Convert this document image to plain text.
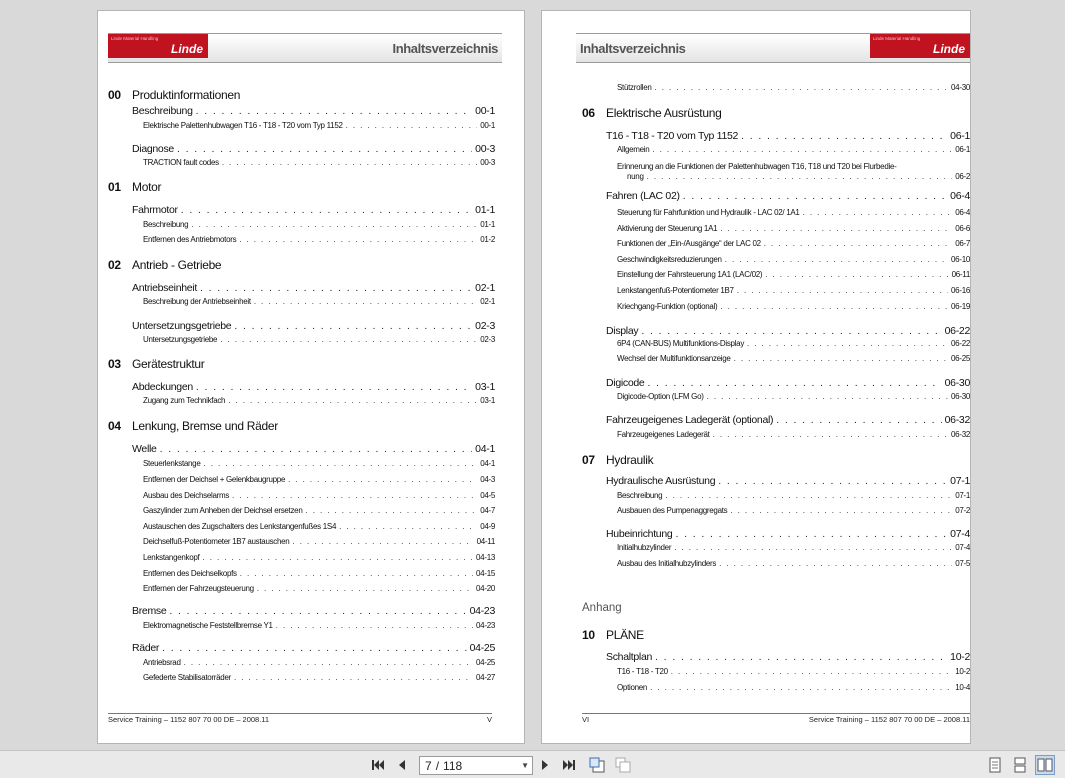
Linde Material Handling
Linde	Inhaltsverzeichnis
00 Produktinformationen
Beschreibung . . .	00-1
Elektrische Palettenhubwagen T16 - T18 - T20 vom Typ 1152 . . .	00-1
Diagnose . . .	00-3
TRACTION fault codes . . .	00-3
01 Motor
Fahrmotor . . .	01-1
Beschreibung . . .	01-1
Entfernen des Antriebmotors . . .	01-2
02 Antrieb - Getriebe
Antriebseinheit . . .	02-1
Beschreibung der Antriebseinheit . . .	02-1
Untersetzungsgetriebe . . .	02-3
Untersetzungsgetriebe . . .	02-3
03 Gerätestruktur
Abdeckungen . . .	03-1
Zugang zum Technikfach . . .	03-1
04 Lenkung, Bremse und Räder
Welle . . .	04-1
Steuerlenkstange . . .	04-1
Entfernen der Deichsel + Gelenkbaugruppe . . .	04-3
Ausbau des Deichselarms . . .	04-5
Gaszylinder zum Anheben der Deichsel ersetzen . . .	04-7
Austauschen des Zugschalters des Lenkstangenfußes 1S4 . . .	04-9
Deichselfuß-Potentiometer 1B7 austauschen . . .	04-11
Lenkstangenkopf . . .	04-13
Entfernen des Deichselkopfs . . .	04-15
Entfernen der Fahrzeugsteuerung . . .	04-20
Bremse . . .	04-23
Elektromagnetische Feststellbremse Y1 . . .	04-23
Räder . . .	04-25
Antriebsrad . . .	04-25
Gefederte Stabilisatorräder . . .	04-27
Service Training – 1152 807 70 00 DE – 2008.11	V
Inhaltsverzeichnis
Linde Material Handling
Linde
Stützrollen . . .	04-30
06 Elektrische Ausrüstung
T16 - T18 - T20 vom Typ 1152 . . .	06-1
Allgemein . . .	06-1
Erinnerung an die Funktionen der Palettenhubwagen T16, T18 und T20 bei Flurbedie-
nung . . .	06-2
Fahren (LAC 02) . . .	06-4
Steuerung für Fahrfunktion und Hydraulik - LAC 02/ 1A1 . . .	06-4
Aktivierung der Steuerung 1A1 . . .	06-6
Funktionen der „Ein-/Ausgänge“ der LAC 02 . . .	06-7
Geschwindigkeitsreduzierungen . . .	06-10
Einstellung der Fahrsteuerung 1A1 (LAC/02) . . .	06-11
Lenkstangenfuß-Potentiometer 1B7 . . .	06-16
Kriechgang-Funktion (optional) . . .	06-19
Display . . .	06-22
6P4 (CAN-BUS) Multifunktions-Display . . .	06-22
Wechsel der Multifunktionsanzeige . . .	06-25
Digicode . . .	06-30
Digicode-Option (LFM Go) . . .	06-30
Fahrzeugeigenes Ladegerät (optional) . . .	06-32
Fahrzeugeigenes Ladegerät . . .	06-32
07 Hydraulik
Hydraulische Ausrüstung . . .	07-1
Beschreibung . . .	07-1
Ausbauen des Pumpenaggregats . . .	07-2
Hubeinrichtung . . .	07-4
Initialhubzylinder . . .	07-4
Ausbau des Initialhubzylinders . . .	07-5
Anhang
10 PLÄNE
Schaltplan . . .	10-2
T16 - T18 - T20 . . .	10-2
Optionen . . .	10-4
VI	Service Training – 1152 807 70 00 DE – 2008.11
7 / 118	▼
